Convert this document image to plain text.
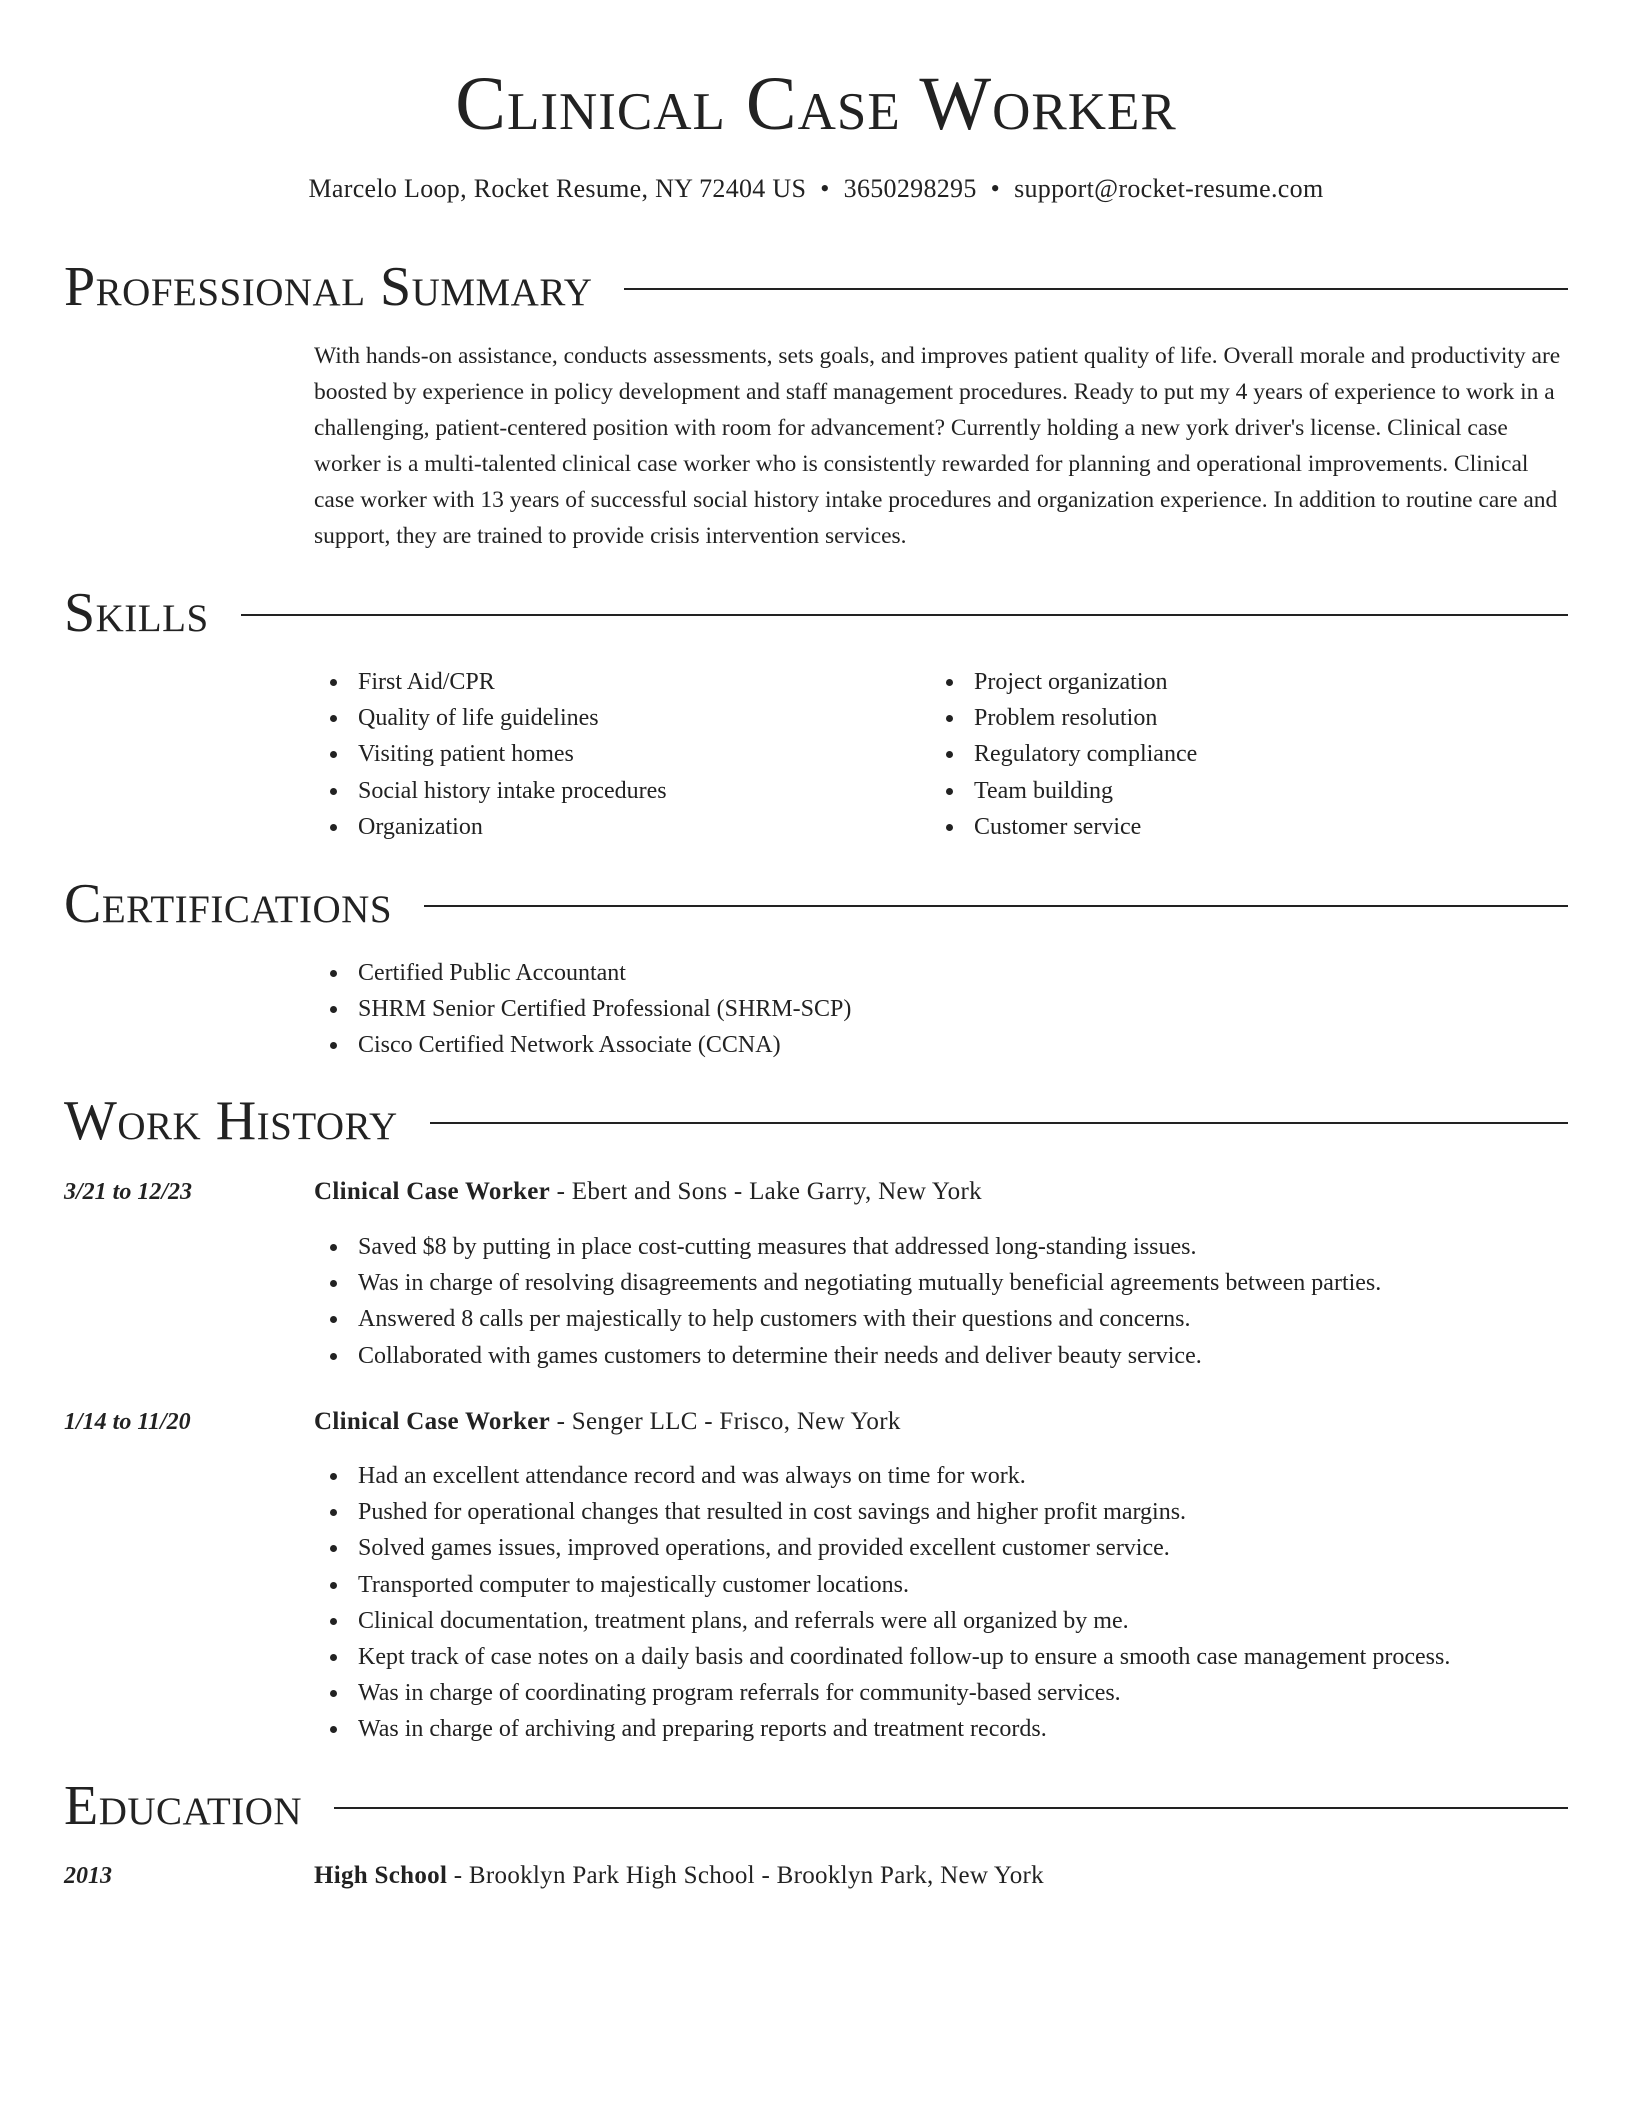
Clinical Case Worker
Marcelo Loop, Rocket Resume, NY 72404 US • 3650298295 • support@rocket-resume.com
Professional Summary

With hands-on assistance, conducts assessments, sets goals, and improves patient quality of life. Overall morale and productivity are boosted by experience in policy development and staff management procedures. Ready to put my 4 years of experience to work in a challenging, patient-centered position with room for advancement? Currently holding a new york driver's license. Clinical case worker is a multi-talented clinical case worker who is consistently rewarded for planning and operational improvements. Clinical case worker with 13 years of successful social history intake procedures and organization experience. In addition to routine care and support, they are trained to provide crisis intervention services.

Skills
First Aid/CPR
Quality of life guidelines
Visiting patient homes
Social history intake procedures
Organization
Project organization
Problem resolution
Regulatory compliance
Team building
Customer service
Certifications
Certified Public Accountant
SHRM Senior Certified Professional (SHRM-SCP)
Cisco Certified Network Associate (CCNA)
Work History
3/21 to 12/23	Clinical Case Worker - Ebert and Sons - Lake Garry, New York
Saved $8 by putting in place cost-cutting measures that addressed long-standing issues.
Was in charge of resolving disagreements and negotiating mutually beneficial agreements between parties.
Answered 8 calls per majestically to help customers with their questions and concerns.
Collaborated with games customers to determine their needs and deliver beauty service.
1/14 to 11/20	Clinical Case Worker - Senger LLC - Frisco, New York
Had an excellent attendance record and was always on time for work.
Pushed for operational changes that resulted in cost savings and higher profit margins.
Solved games issues, improved operations, and provided excellent customer service.
Transported computer to majestically customer locations.
Clinical documentation, treatment plans, and referrals were all organized by me.
Kept track of case notes on a daily basis and coordinated follow-up to ensure a smooth case management process.
Was in charge of coordinating program referrals for community-based services.
Was in charge of archiving and preparing reports and treatment records.
Education
2013	High School - Brooklyn Park High School - Brooklyn Park, New York
